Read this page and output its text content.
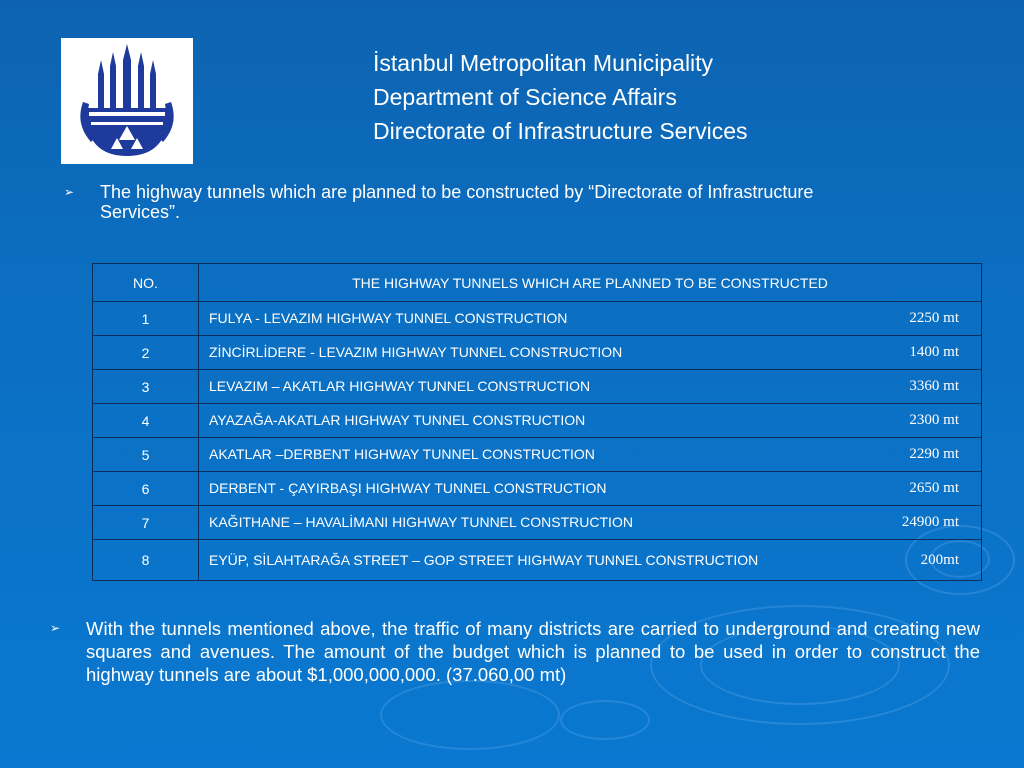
İstanbul Metropolitan Municipality
Department of Science Affairs
Directorate of Infrastructure Services
➢ The highway tunnels which are planned to be constructed by “Directorate of Infrastructure Services”.
NO.	THE HIGHWAY TUNNELS WHICH ARE PLANNED TO BE CONSTRUCTED
1	FULYA - LEVAZIM HIGHWAY TUNNEL CONSTRUCTION 2250 mt

2	ZİNCİRLİDERE - LEVAZIM HIGHWAY TUNNEL CONSTRUCTION 1400 mt

3	LEVAZIM – AKATLAR HIGHWAY TUNNEL CONSTRUCTION 3360 mt

4	AYAZAĞA-AKATLAR HIGHWAY TUNNEL CONSTRUCTION 2300 mt

5	AKATLAR –DERBENT HIGHWAY TUNNEL CONSTRUCTION 2290 mt

6	DERBENT - ÇAYIRBAŞI HIGHWAY TUNNEL CONSTRUCTION 2650 mt

7	KAĞITHANE – HAVALİMANI HIGHWAY TUNNEL CONSTRUCTION 24900 mt

8	EYÜP, SİLAHTARAĞA STREET – GOP STREET HIGHWAY TUNNEL CONSTRUCTION 200mt
➢ With the tunnels mentioned above, the traffic of many districts are carried to underground and creating new squares and avenues. The amount of the budget which is planned to be used in order to construct the highway tunnels are about $1,000,000,000. (37.060,00 mt)
